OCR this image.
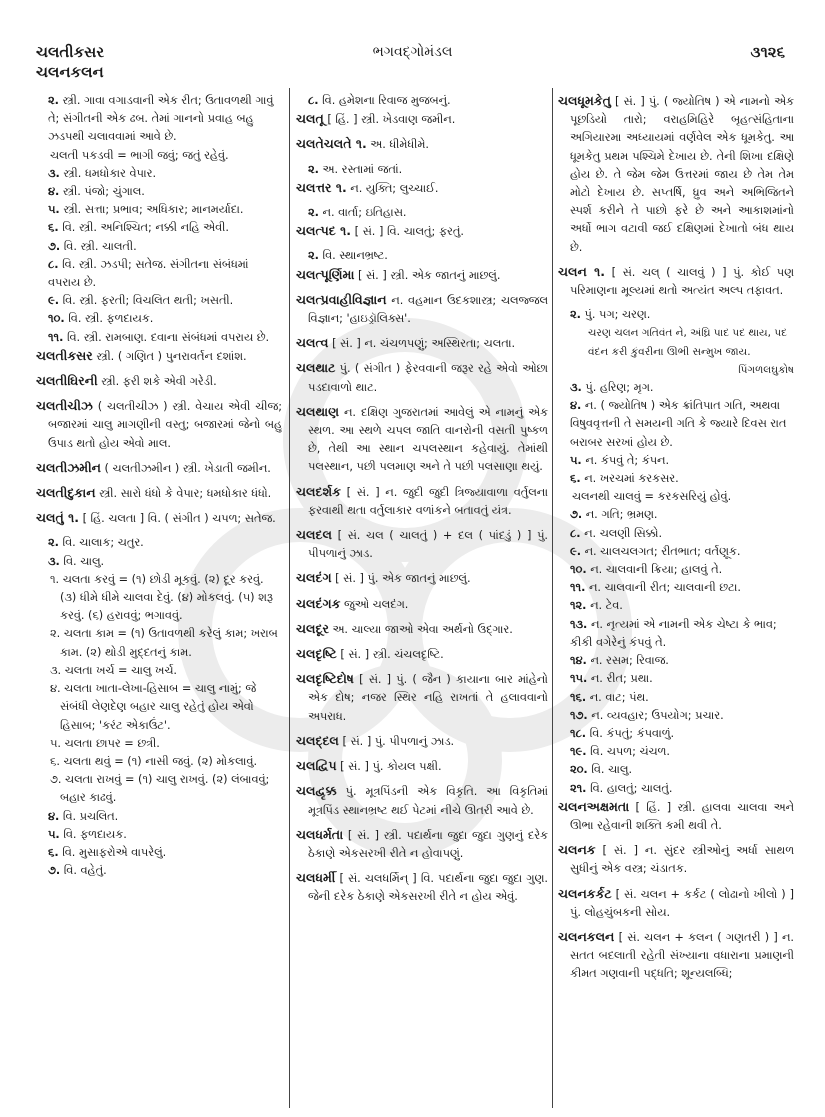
ચલતીકસર
ચલનકલન
ભગવદ્ગોમંડલ	૩૧૨૬
૨. સ્ત્રી. ગાવા વગાડવાની એક રીત; ઉતાવળથી ગાવું તે; સંગીતની એક ઢબ. તેમાં ગાનનો પ્રવાહ બહુ ઝડપથી ચલાવવામાં આવે છે.
ચલતી પકડવી = ભાગી જવું; જતું રહેવું.
૩. સ્ત્રી. ધમધોકાર વેપાર.
૪. સ્ત્રી. પંજો; ચુંગાલ.
૫. સ્ત્રી. સત્તા; પ્રભાવ; અધિકાર; માનમર્યાદા.
૬. વિ. સ્ત્રી. અનિશ્ચિત; નક્કી નહિ એવી.
૭. વિ. સ્ત્રી. ચાલતી.
૮. વિ. સ્ત્રી. ઝડપી; સતેજ. સંગીતના સંબંધમાં વપરાય છે.
૯. વિ. સ્ત્રી. ફરતી; વિચલિત થતી; ખસતી.
૧૦. વિ. સ્ત્રી. ફળદાયક.
૧૧. વિ. સ્ત્રી. રામબાણ. દવાના સંબંધમાં વપરાય છે.
ચલતીકસર સ્ત્રી. ( ગણિત ) પુનરાવર્તન દશાંશ.
ચલતીઘિરની સ્ત્રી. ફરી શકે એવી ગરેડી.
ચલતીચીઝ ( ચલતીચીઝ ) સ્ત્રી. વેચાય એવી ચીજ; બજારમાં ચાલુ માગણીની વસ્તુ; બજારમાં જેનો બહુ ઉપાડ થતો હોય એવો માલ.
ચલતીઝમીન ( ચલતીઝમીન ) સ્ત્રી. ખેડાતી જમીન.
ચલતીદુકાન સ્ત્રી. સારો ધંધો કે વેપાર; ધમધોકાર ધંધો.
ચલતું ૧. [ હિં. ચલતા ] વિ. ( સંગીત ) ચપળ; સતેજ.
૨. વિ. ચાલાક; ચતુર.
૩. વિ. ચાલુ.
૧. ચલતા કરવું = (૧) છોડી મૂકવું. (૨) દૂર કરવું. (૩) ધીમે ધીમે ચાલવા દેવું. (૪) મોકલવું. (૫) શરૂ કરવું. (૬) હરાવવું; ભગાવવું.
૨. ચલતા કામ = (૧) ઉતાવળથી કરેલું કામ; ખરાબ કામ. (૨) થોડી મુદ્દતનું કામ.
૩. ચલતા ખર્ચ = ચાલુ ખર્ચ.
૪. ચલતા ખાતા-લેખા-હિસાબ = ચાલુ નામું; જે સંબંધી લેણદેણ બહાર ચાલુ રહેતું હોય એવો હિસાબ; 'કરંટ એકાઉંટ'.
૫. ચલતા છાપર = છત્રી.
૬. ચલતા થવું = (૧) નાસી જવું. (૨) મોકલાવું.
૭. ચલતા રાખવું = (૧) ચાલુ રાખવું. (૨) લંબાવવું; બહાર કાઢવું.
૪. વિ. પ્રચલિત.
૫. વિ. ફળદાયક.
૬. વિ. મુસાફરોએ વાપરેલું.
૭. વિ. વહેતું.
૮. વિ. હમેશના રિવાજ મુજબનું.
ચલતૂ [ હિં. ] સ્ત્રી. ખેડવાણ જમીન.
ચલતેચલતે ૧. અ. ધીમેધીમે.
૨. અ. રસ્તામાં જતાં.
ચલત્તર ૧. ન. યુક્તિ; લુચ્ચાઈ.
૨. ન. વાર્તા; ઇતિહાસ.
ચલત્પદ ૧. [ સં. ] વિ. ચાલતું; ફરતું.
૨. વિ. સ્થાનભ્રષ્ટ.
ચલત્પૂર્ણિમા [ સં. ] સ્ત્રી. એક જાતનું માછલું.
ચલત્પ્રવાહીવિજ્ઞાન ન. વહમાન ઉદકશાસ્ત્ર; ચલજ્જલ વિજ્ઞાન; 'હાઇડ્રૉલિક્સ'.
ચલત્વ [ સં. ] ન. ચંચળપણું; અસ્થિરતા; ચલતા.
ચલથાટ પું. ( સંગીત ) ફેરવવાની જરૂર રહે એવો ઓછા પડદાવાળો થાટ.
ચલથાણ ન. દક્ષિણ ગુજરાતમાં આવેલું એ નામનું એક સ્થળ. આ સ્થળે ચપલ જાતિ વાનરોની વસતી પુષ્કળ છે, તેથી આ સ્થાન ચપલસ્થાન કહેવાયું. તેમાંથી પલસ્થાન, પછી પલમાણ અને તે પછી પલસાણા થયું.
ચલદર્શક [ સં. ] ન. જુદી જુદી ત્રિજ્યાવાળા વર્તુલના ફરવાથી થતા વર્તુલાકાર વળાંકને બતાવતું યંત્ર.
ચલદલ [ સં. ચલ ( ચાલતું ) + દલ ( પાંદડું ) ] પું. પીપળાનું ઝાડ.
ચલદંગ [ સં. ] પું. એક જાતનું માછલું.
ચલદંગક જુઓ ચલદંગ.
ચલદૂર અ. ચાલ્યા જાઓ એવા અર્થનો ઉદ્ગાર.
ચલદૃષ્ટિ [ સં. ] સ્ત્રી. ચંચલદૃષ્ટિ.
ચલદૃષ્ટિદોષ [ સં. ] પું. ( જૈન ) કાયાના બાર માંહેનો એક દોષ; નજર સ્થિર નહિ રાખતાં તે હલાવવાનો અપરાધ.
ચલદ્દલ [ સં. ] પું. પીપળાનું ઝાડ.
ચલદ્વિપ [ સં. ] પું. કોયલ પક્ષી.
ચલદ્વૃક્ક પું. મૂત્રપિંડની એક વિકૃતિ. આ વિકૃતિમાં મૂત્રપિંડ સ્થાનભ્રષ્ટ થઈ પેટમાં નીચે ઊતરી આવે છે.
ચલધર્મતા [ સં. ] સ્ત્રી. પદાર્થના જુદા જુદા ગુણનું દરેક ઠેકાણે એકસરખી રીતે ન હોવાપણું.
ચલધર્મી [ સં. ચલધર્મિન્ ] વિ. પદાર્થના જુદા જુદા ગુણ. જેની દરેક ઠેકાણે એકસરખી રીતે ન હોય એવું.
ચલધૂમકેતુ [ સં. ] પું. ( જ્યોતિષ ) એ નામનો એક પૂછડિયો તારો; વરાહમિહિરે બૃહત્સંહિતાના અગિયારમા અધ્યાયમાં વર્ણવેલ એક ધૂમકેતુ. આ ધૂમકેતુ પ્રથમ પશ્ચિમે દેખાય છે. તેની શિખા દક્ષિણે હોય છે. તે જેમ જેમ ઉત્તરમાં જાય છે તેમ તેમ મોટો દેખાય છે. સપ્તર્ષિ, ધ્રુવ અને અભિજિતને સ્પર્શ કરીને તે પાછો ફરે છે અને આકાશમાંનો અર્ધો ભાગ વટાવી જઈ દક્ષિણમાં દેખાતો બંધ થાય છે.
ચલન ૧. [ સં. ચલ્ ( ચાલવું ) ] પું. કોઈ પણ પરિમાણના મૂલ્યમાં થતો અત્યંત અલ્પ તફાવત.
૨. પું. પગ; ચરણ.
ચરણ ચલન ગતિવંત ને, અંઘ્રિ પાદ પદ થાય, પદ વંદન કરી કુંવરીના ઊભી સન્મુખ જાય.
પિંગળલઘુકોષ
૩. પું. હરિણ; મૃગ.
૪. ન. ( જ્યોતિષ ) એક ક્રાંતિપાત ગતિ, અથવા વિષુવવૃત્તની તે સમયની ગતિ કે જ્યારે દિવસ રાત બરાબર સરખાં હોય છે.
૫. ન. કંપવું તે; કંપન.
૬. ન. ખરચમાં કરકસર.
ચલનથી ચાલવું = કરકસરિયું હોવું.
૭. ન. ગતિ; ભ્રમણ.
૮. ન. ચલણી સિક્કો.
૯. ન. ચાલચલગત; રીતભાત; વર્તણૂક.
૧૦. ન. ચાલવાની ક્રિયા; હાલવું તે.
૧૧. ન. ચાલવાની રીત; ચાલવાની છટા.
૧૨. ન. ટેવ.
૧૩. ન. નૃત્યમાં એ નામની એક ચેષ્ટા કે ભાવ; કીકી વગેરેનું કંપવું તે.
૧૪. ન. રસમ; રિવાજ.
૧૫. ન. રીત; પ્રથા.
૧૬. ન. વાટ; પંથ.
૧૭. ન. વ્યવહાર; ઉપયોગ; પ્રચાર.
૧૮. વિ. કંપતું; કંપવાળું.
૧૯. વિ. ચપળ; ચંચળ.
૨૦. વિ. ચાલુ.
૨૧. વિ. હાલતું; ચાલતું.
ચલનઅક્ષમતા [ હિં. ] સ્ત્રી. હાલવા ચાલવા અને ઊભા રહેવાની શક્તિ કમી થવી તે.
ચલનક [ સં. ] ન. સુંદર સ્ત્રીઓનું અર્ધા સાથળ સુધીનું એક વસ્ત્ર; ચંડાતક.
ચલનકર્કટ [ સં. ચલન + કર્કટ ( લોઢાનો ખીલો ) ] પું. લોહચુંબકની સોય.
ચલનકલન [ સં. ચલન + કલન ( ગણતરી ) ] ન. સતત બદલાતી રહેતી સંખ્યાના વધારાના પ્રમાણની કીમત ગણવાની પદ્ધતિ; શૂન્યલબ્ધિ;
